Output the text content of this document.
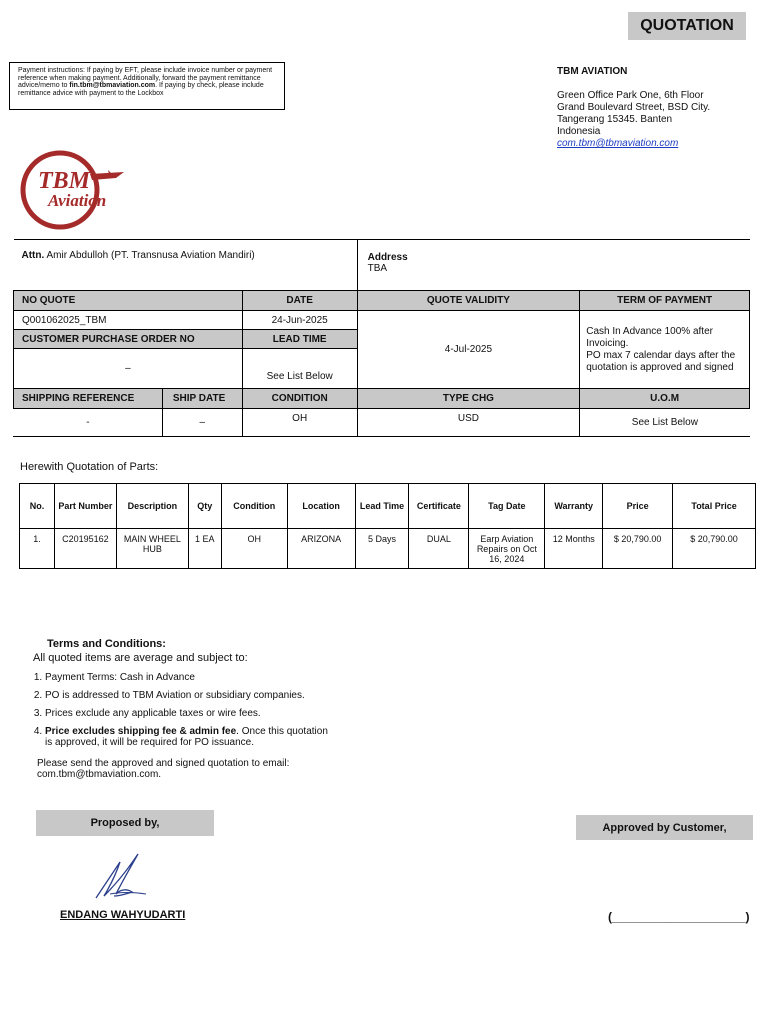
QUOTATION
Payment instructions: If paying by EFT, please include invoice number or payment reference when making payment. Additionally, forward the payment remittance advice/memo to fin.tbm@tbmaviation.com. If paying by check, please include remittance advice with payment to the Lockbox
TBM AVIATION
Green Office Park One, 6th Floor
Grand Boulevard Street, BSD City.
Tangerang 15345. Banten
Indonesia
com.tbm@tbmaviation.com
TBM
Aviation
Attn. Amir Abdulloh (PT. Transnusa Aviation Mandiri)			Address
TBA	
NO QUOTE		DATE	QUOTE VALIDITY	TERM OF PAYMENT
Q001062025_TBM		24-Jun-2025	4-Jul-2025	Cash In Advance 100% after Invoicing.
PO max 7 calendar days after the quotation is approved and signed

CUSTOMER PURCHASE ORDER NO		LEAD TIME		
–		See List Below		
SHIPPING REFERENCE	SHIP DATE	CONDITION	TYPE CHG	U.O.M
-	–	OH	USD	See List Below
Herewith Quotation of Parts:
No.	Part Number	Description	Qty	Condition	Location	Lead Time	Certificate	Tag Date	Warranty	Price	Total Price
1.	C20195162	MAIN WHEEL HUB	1 EA	OH	ARIZONA	5 Days	DUAL	Earp Aviation Repairs on Oct 16, 2024	12 Months	$ 20,790.00	$ 20,790.00
Terms and Conditions:
All quoted items are average and subject to:
1. Payment Terms: Cash in Advance
2. PO is addressed to TBM Aviation or subsidiary companies.
3. Prices exclude any applicable taxes or wire fees.
4. Price excludes shipping fee & admin fee. Once this quotation is approved, it will be required for PO issuance.
Please send the approved and signed quotation to email: com.tbm@tbmaviation.com.
Proposed by,	Approved by Customer,
ENDANG WAHYUDARTI	(____________________)
